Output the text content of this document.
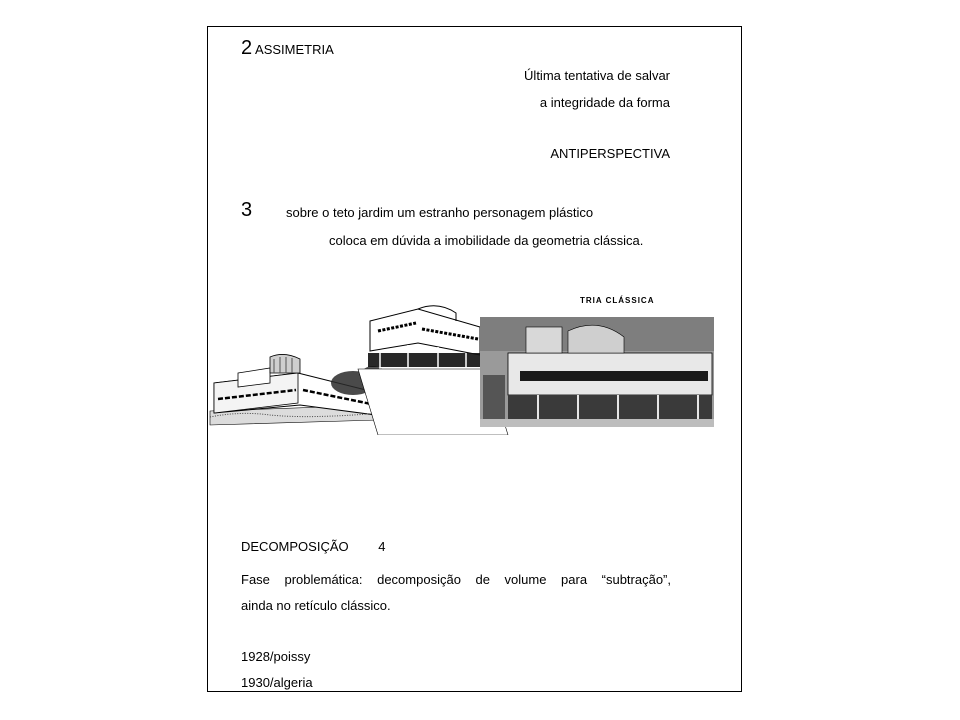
2 ASSIMETRIA
Última tentativa de salvar
a integridade da forma
ANTIPERSPECTIVA
3	sobre o teto jardim um estranho personagem plástico
coloca em dúvida a imobilidade da geometria clássica.
TRIA CLÁSSICA
DECOMPOSIÇÃO 4
Fase problemática: decomposição de volume para “subtração”,
ainda no retículo clássico.
1928/poissy
1930/algeria
